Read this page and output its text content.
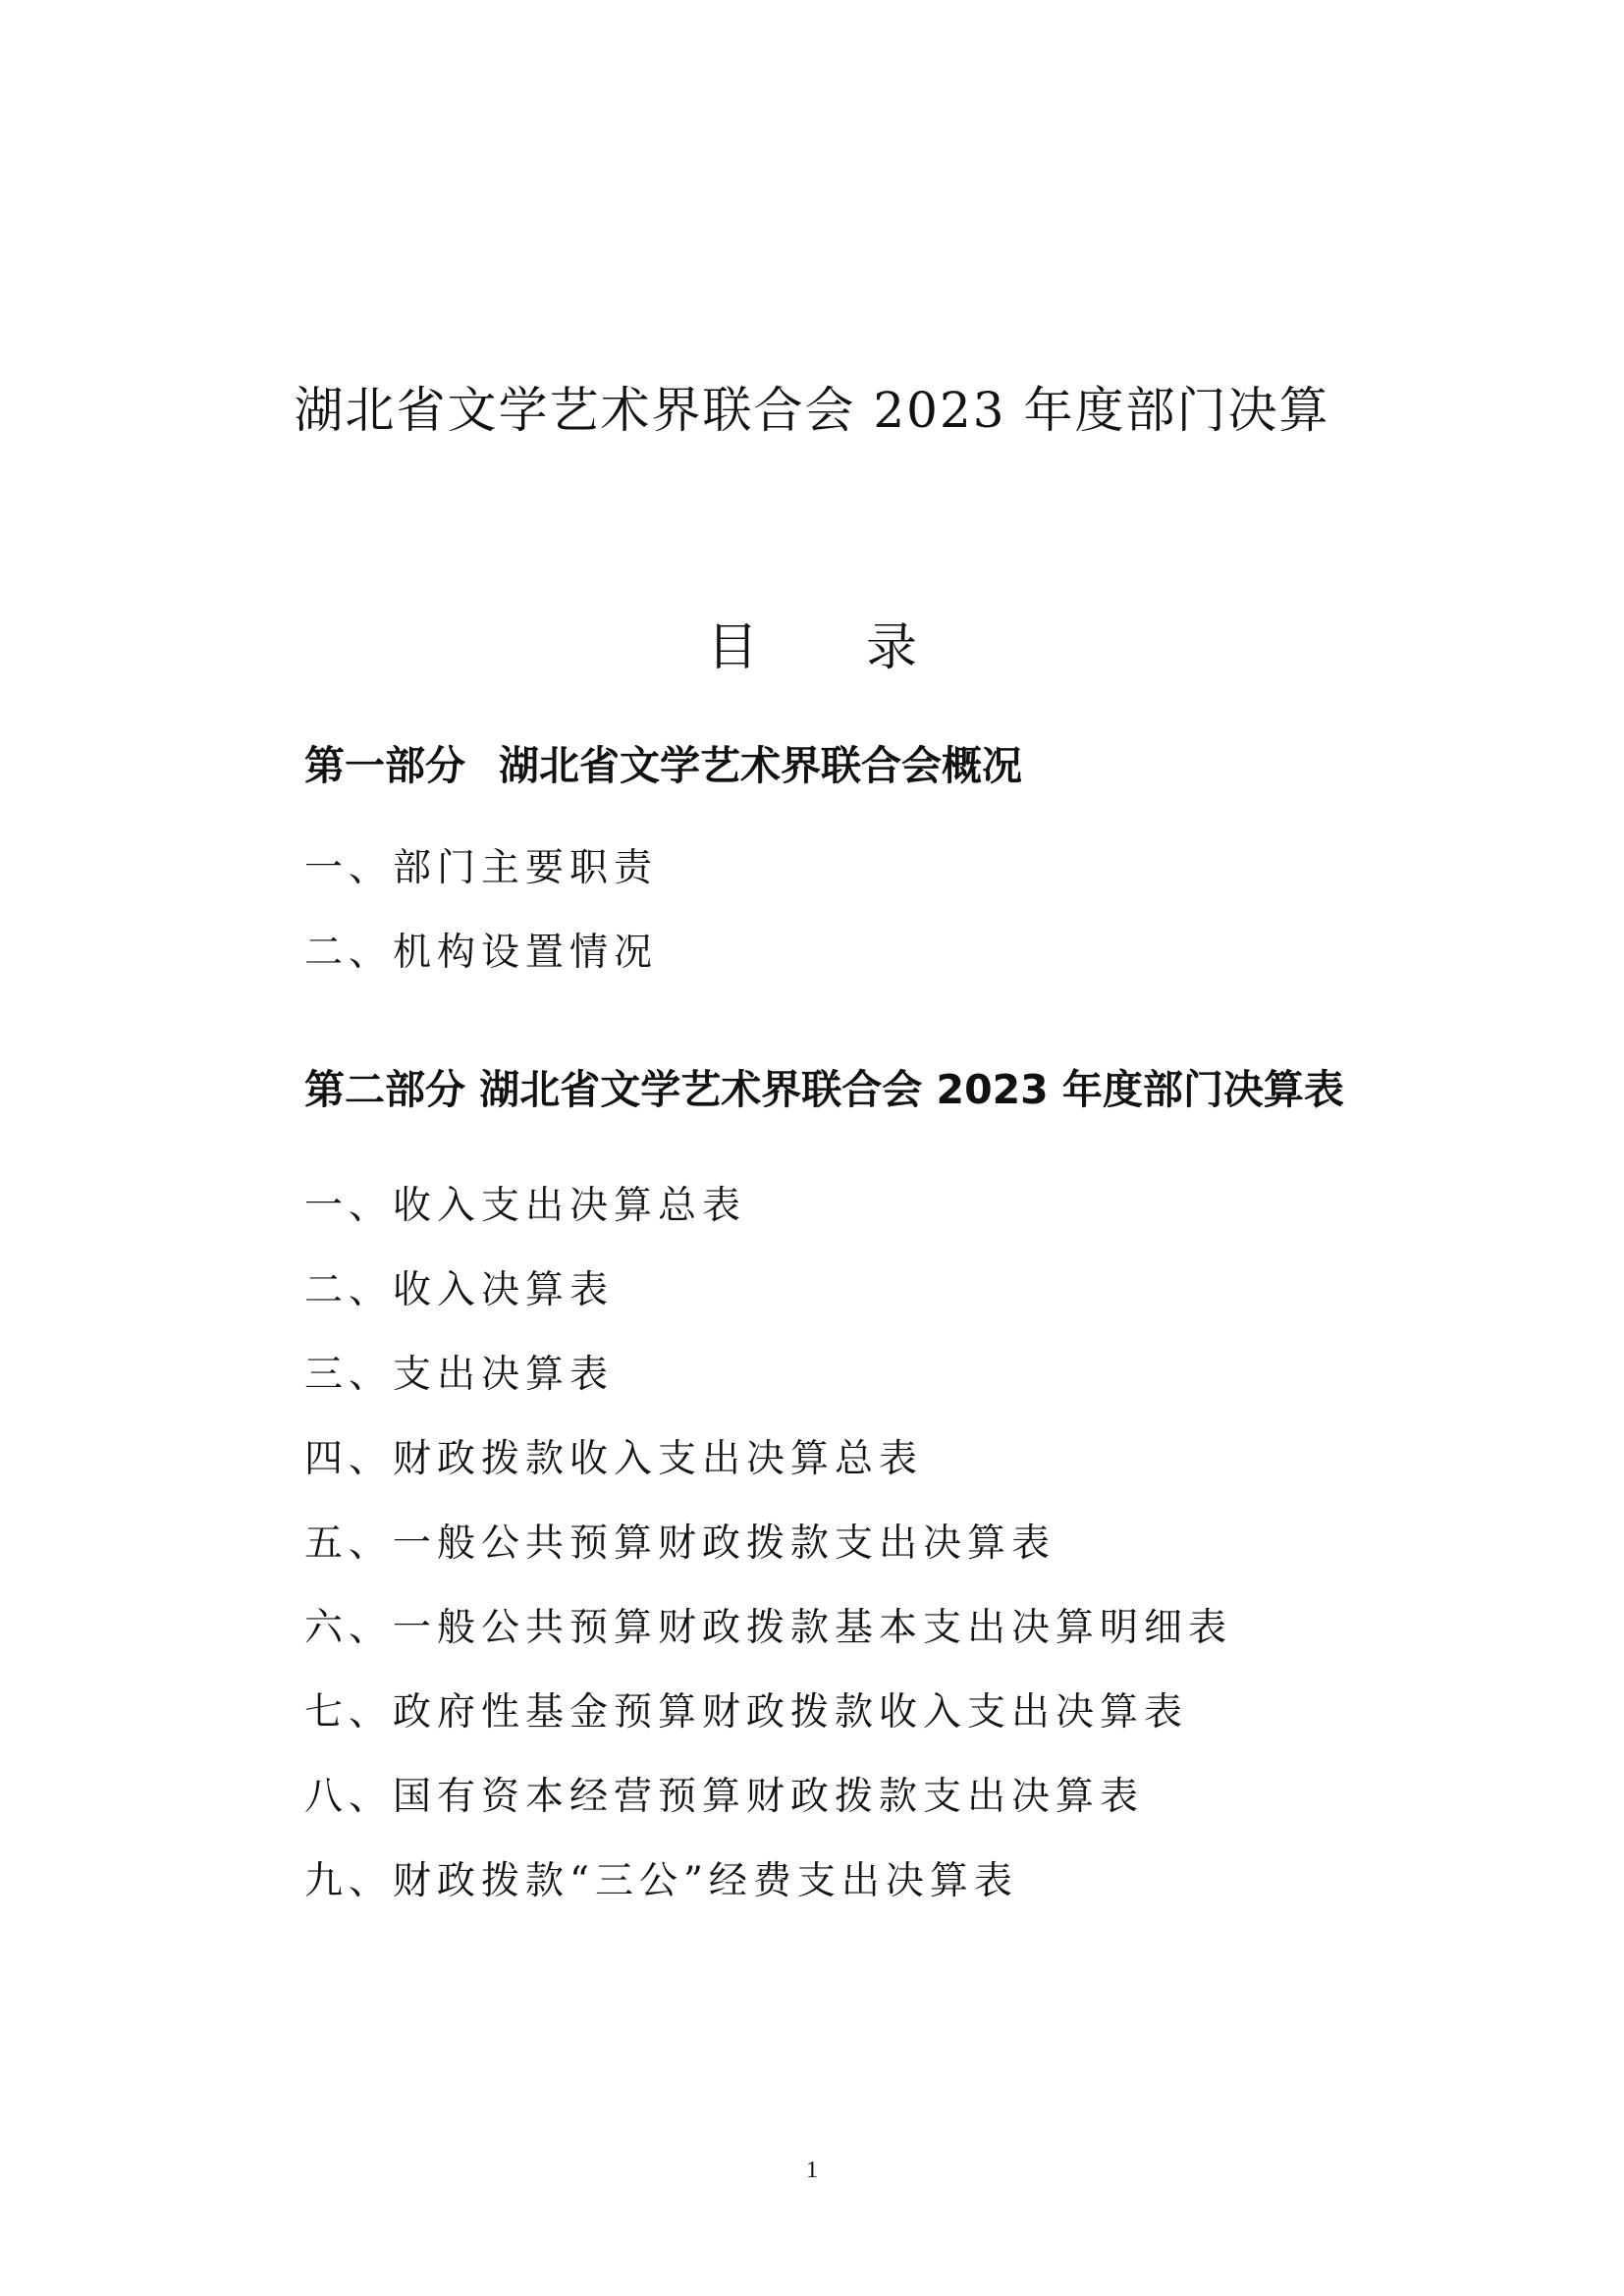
湖北省文学艺术界联合会 2023 年度部门决算
目 录
第一部分 湖北省文学艺术界联合会概况
一、部门主要职责
二、机构设置情况
第二部分 湖北省文学艺术界联合会 2023 年度部门决算表
一、收入支出决算总表
二、收入决算表
三、支出决算表
四、财政拨款收入支出决算总表
五、一般公共预算财政拨款支出决算表
六、一般公共预算财政拨款基本支出决算明细表
七、政府性基金预算财政拨款收入支出决算表
八、国有资本经营预算财政拨款支出决算表
九、财政拨款“三公”经费支出决算表
1
